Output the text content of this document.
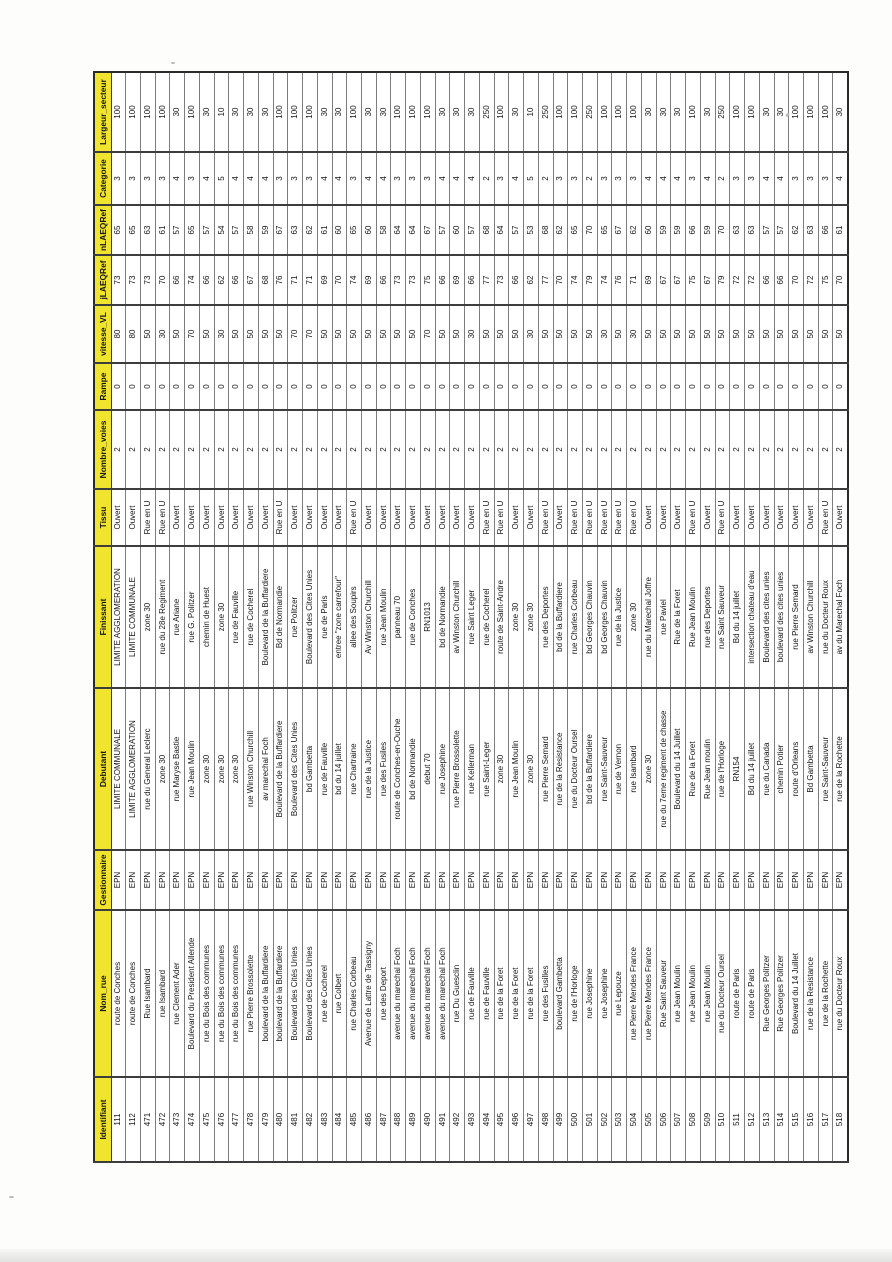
Identifiant	Nom_rue	Gestionnaire	Debutant	Finissant	Tissu	Nombre_voies	Rampe	vitesse_VL	jLAEQRef	nLAEQRef	Categorie	Largeur_secteur
111	route de Conches	EPN	LIMITE COMMUNALE	LIMITE AGGLOMERATION	Ouvert	2	0	80	73	65	3	100
112	route de Conches	EPN	LIMITE AGGLOMERATION	LIMITE COMMUNALE	Ouvert	2	0	80	73	65	3	100
471	Rue Isambard	EPN	rue du General Leclerc	zone 30	Rue en U	2	0	50	73	63	3	100
472	rue Isambard	EPN	zone 30	rue du 28e Regiment	Rue en U	2	0	30	70	61	3	100
473	rue Clement Ader	EPN	rue Maryse Bastie	rue Ariane	Ouvert	2	0	50	66	57	4	30
474	Boulevard du President Allende	EPN	rue Jean Moulin	rue G. Politzer	Ouvert	2	0	70	74	65	3	100
475	rue du Bois des communes	EPN	zone 30	chemin de Huest	Ouvert	2	0	50	66	57	4	30
476	rue du Bois des communes	EPN	zone 30	zone 30	Ouvert	2	0	30	62	54	5	10
477	rue du Bois des communes	EPN	zone 30	rue de Fauville	Ouvert	2	0	50	66	57	4	30
478	rue Pierre Brossolette	EPN	rue Winston Churchill	rue de Cocherel	Ouvert	2	0	50	67	58	4	30
479	boulevard de la Buffardiere	EPN	av marechal Foch	Boulevard de la Buffardiere	Ouvert	2	0	50	68	59	4	30
480	boulevard de la Buffardiere	EPN	Boulevard de la Buffardiere	Bd de Normandie	Rue en U	2	0	50	76	67	3	100
481	Boulevard des Cités Unies	EPN	Boulevard des Cites Unies	rue Politzer	Ouvert	2	0	70	71	63	3	100
482	Boulevard des Cités Unies	EPN	bd Gambetta	Boulevard des Cites Unies	Ouvert	2	0	70	71	62	3	100
483	rue de Cocherel	EPN	rue de Fauville	rue de Paris	Ouvert	2	0	50	69	61	4	30
484	rue Colbert	EPN	bd du 14 juillet	entree "zone carrefour"	Ouvert	2	0	50	70	60	4	30
485	rue Charles Corbeau	EPN	rue Chartraine	allee des Soupirs	Rue en U	2	0	50	74	65	3	100
486	Avenue de Lattre de Tassigny	EPN	rue de la Justice	Av Winston Churchill	Ouvert	2	0	50	69	60	4	30
487	rue des Deport	EPN	rue des Fusiles	rue Jean Moulin	Ouvert	2	0	50	66	58	4	30
488	avenue du marechal Foch	EPN	route de Conches-en-Ouche	panneau 70	Ouvert	2	0	50	73	64	3	100
489	avenue du marechal Foch	EPN	bd de Normandie	rue de Conches	Ouvert	2	0	50	73	64	3	100
490	avenue du marechal Foch	EPN	debut 70	RN1013	Ouvert	2	0	70	75	67	3	100
491	avenue du marechal Foch	EPN	rue Josephine	bd de Normandie	Ouvert	2	0	50	66	57	4	30
492	rue Du Guesclin	EPN	rue Pierre Brossolette	av Winston Churchill	Ouvert	2	0	50	69	60	4	30
493	rue de Fauville	EPN	rue Kellerman	rue Saint Leger	Ouvert	2	0	30	66	57	4	30
494	rue de Fauville	EPN	rue Saint-Leger	rue de Cocherel	Rue en U	2	0	50	77	68	2	250
495	rue de la Foret	EPN	zone 30	route de Saint-Andre	Rue en U	2	0	50	73	64	3	100
496	rue de la Foret	EPN	rue Jean Moulin	zone 30	Ouvert	2	0	50	66	57	4	30
497	rue de la Foret	EPN	zone 30	zone 30	Ouvert	2	0	30	62	53	5	10
498	rue des Fusilles	EPN	rue Pierre Semard	rue des Deportes	Rue en U	2	0	50	77	68	2	250
499	boulevard Gambetta	EPN	rue de la Resistance	bd de la Buffardiere	Ouvert	2	0	50	70	62	3	100
500	rue de l'Horloge	EPN	rue du Docteur Oursel	rue Charles Corbeau	Rue en U	2	0	50	74	65	3	100
501	rue Josephine	EPN	bd de la Buffardiere	bd Georges Chauvin	Rue en U	2	0	50	79	70	2	250
502	rue Josephine	EPN	rue Saint-Sauveur	bd Georges Chauvin	Rue en U	2	0	30	74	65	3	100
503	rue Lepouze	EPN	rue de Vernon	rue de la Justice	Rue en U	2	0	50	76	67	3	100
504	rue Pierre Mendes France	EPN	rue Isambard	zone 30	Rue en U	2	0	30	71	62	3	100
505	rue Pierre Mendes France	EPN	zone 30	rue du Marechal Joffre	Ouvert	2	0	50	69	60	4	30
506	Rue Saint Sauveur	EPN	rue du 7eme regiment de chasse	rue Paviel	Ouvert	2	0	50	67	59	4	30
507	rue Jean Moulin	EPN	Boulevard du 14 Juillet	Rue de la Foret	Ouvert	2	0	50	67	59	4	30
508	rue Jean Moulin	EPN	Rue de la Foret	Rue Jean Moulin	Rue en U	2	0	50	75	66	3	100
509	rue Jean Moulin	EPN	Rue Jean moulin	rue des Deportes	Ouvert	2	0	50	67	59	4	30
510	rue du Docteur Oursel	EPN	rue de l'Horloge	rue Saint Sauveur	Rue en U	2	0	50	79	70	2	250
511	route de Paris	EPN	RN154	Bd du 14 juillet	Ouvert	2	0	50	72	63	3	100
512	route de Paris	EPN	Bd du 14 juillet	intersection chateau d'eau	Ouvert	2	0	50	72	63	3	100
513	Rue Georges Politzer	EPN	rue du Canada	Boulevard des cites unies	Ouvert	2	0	50	66	57	4	30
514	Rue Georges Politzer	EPN	chemin Potier	boulevard des cites unies	Ouvert	2	0	50	66	57	4	30
515	Boulevard du 14 Juillet	EPN	route d'Orleans	rue Pierre Semard	Ouvert	2	0	50	70	62	3	100
516	rue de la Resistance	EPN	Bd Gambetta	av Winston Churchill	Ouvert	2	0	50	72	63	3	100
517	rue de la Rochette	EPN	rue Saint-Sauveur	rue du Docteur Roux	Rue en U	2	0	50	75	66	3	100
518	rue du Docteur Roux	EPN	rue de la Rochette	av du Marechal Foch	Ouvert	2	0	50	70	61	4	30
